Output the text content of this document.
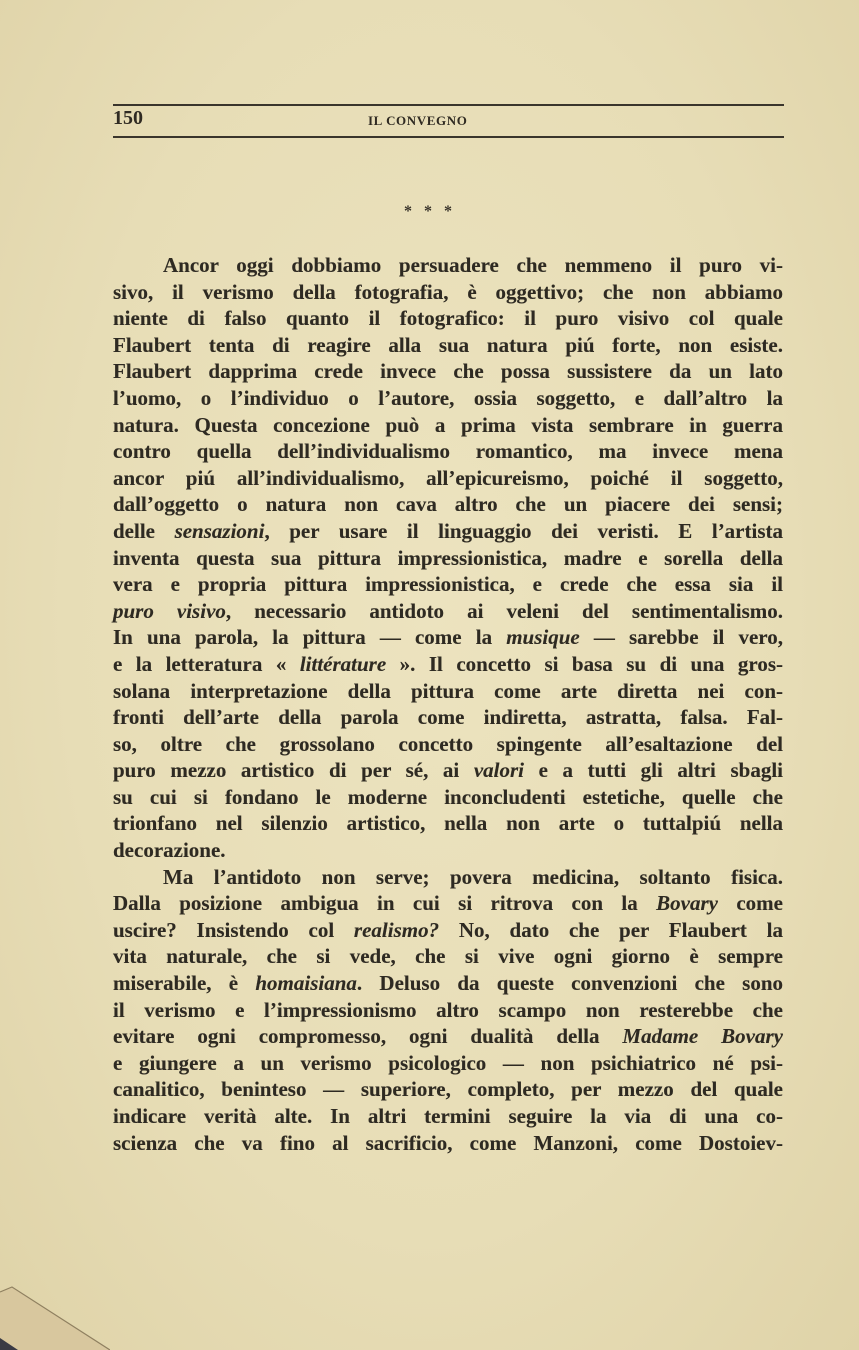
150	IL CONVEGNO
* * *
Ancor oggi dobbiamo persuadere che nemmeno il puro vi-
sivo, il verismo della fotografia, è oggettivo; che non abbiamo
niente di falso quanto il fotografico: il puro visivo col quale
Flaubert tenta di reagire alla sua natura piú forte, non esiste.
Flaubert dapprima crede invece che possa sussistere da un lato
l’uomo, o l’individuo o l’autore, ossia soggetto, e dall’altro la
natura. Questa concezione può a prima vista sembrare in guerra
contro quella dell’individualismo romantico, ma invece mena
ancor piú all’individualismo, all’epicureismo, poiché il soggetto,
dall’oggetto o natura non cava altro che un piacere dei sensi;
delle sensazioni, per usare il linguaggio dei veristi. E l’artista
inventa questa sua pittura impressionistica, madre e sorella della
vera e propria pittura impressionistica, e crede che essa sia il
puro visivo, necessario antidoto ai veleni del sentimentalismo.
In una parola, la pittura — come la musique — sarebbe il vero,
e la letteratura « littérature ». Il concetto si basa su di una gros-
solana interpretazione della pittura come arte diretta nei con-
fronti dell’arte della parola come indiretta, astratta, falsa. Fal-
so, oltre che grossolano concetto spingente all’esaltazione del
puro mezzo artistico di per sé, ai valori e a tutti gli altri sbagli
su cui si fondano le moderne inconcludenti estetiche, quelle che
trionfano nel silenzio artistico, nella non arte o tuttalpiú nella
decorazione.
Ma l’antidoto non serve; povera medicina, soltanto fisica.
Dalla posizione ambigua in cui si ritrova con la Bovary come
uscire? Insistendo col realismo? No, dato che per Flaubert la
vita naturale, che si vede, che si vive ogni giorno è sempre
miserabile, è homaisiana. Deluso da queste convenzioni che sono
il verismo e l’impressionismo altro scampo non resterebbe che
evitare ogni compromesso, ogni dualità della Madame Bovary
e giungere a un verismo psicologico — non psichiatrico né psi-
canalitico, beninteso — superiore, completo, per mezzo del quale
indicare verità alte. In altri termini seguire la via di una co-
scienza che va fino al sacrificio, come Manzoni, come Dostoiev-
